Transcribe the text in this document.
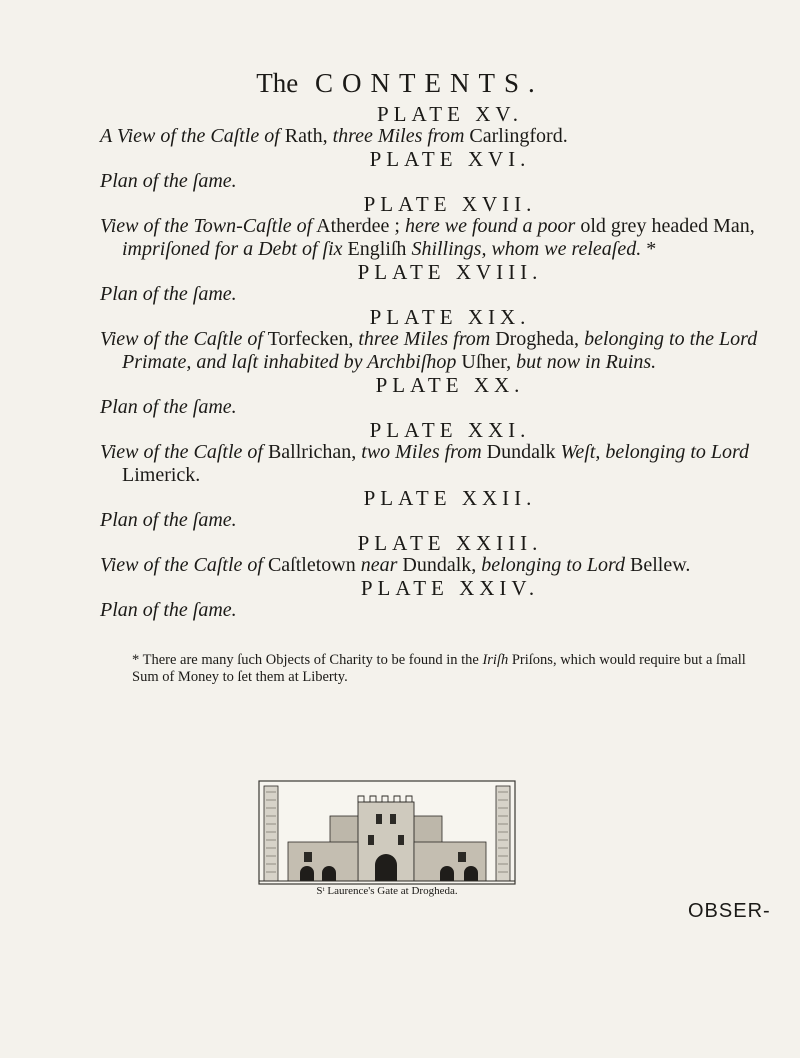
The CONTENTS.
PLATE XV.
A View of the Caſtle of Rath, three Miles from Carlingford.
PLATE XVI.
Plan of the ſame.
PLATE XVII.
View of the Town-Caſtle of Atherdee ; here we found a poor old grey headed Man,
impriſoned for a Debt of ſix Engliſh Shillings, whom we releaſed. *
PLATE XVIII.
Plan of the ſame.
PLATE XIX.
View of the Caſtle of Torfecken, three Miles from Drogheda, belonging to the Lord
Primate, and laſt inhabited by Archbiſhop Uſher, but now in Ruins.
PLATE XX.
Plan of the ſame.
PLATE XXI.
View of the Caſtle of Ballrichan, two Miles from Dundalk Weſt, belonging to Lord
Limerick.
PLATE XXII.
Plan of the ſame.
PLATE XXIII.
View of the Caſtle of Caſtletown near Dundalk, belonging to Lord Bellew.
PLATE XXIV.
Plan of the ſame.
* There are many ſuch Objects of Charity to be found in the Iriſh Priſons, which would require but a ſmall
Sum of Money to ſet them at Liberty.
Sᵗ Laurence's Gate at Drogheda.
OBSER-
